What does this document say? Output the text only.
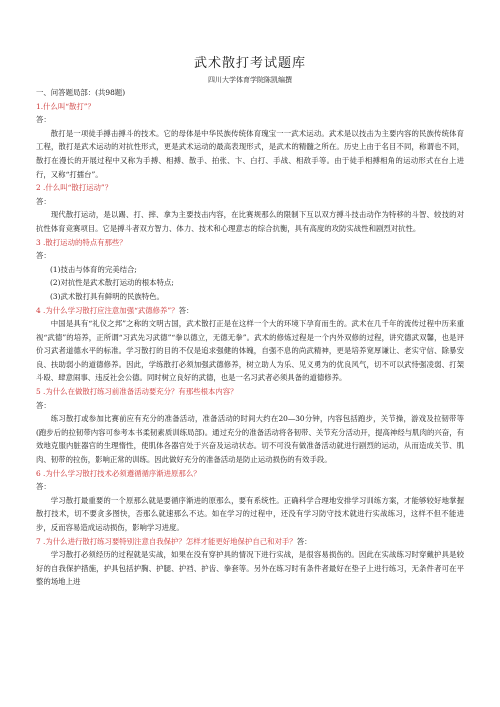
武术散打考试题库
四川大学体育学院陈凯编撰

一、问答题局部：(共98题)

1.什么叫“散打”？

答：

散打是一项徒手搏击搏斗的技术。它的母体是中华民族传统体育瑰宝一一武术运动。武术是以技击为主要内容的民族传统体育工程，散打是武术运动的对抗性形式，更是武术运动的最高表现形式，是武术的精髓之所在。历史上由于名目不同，称谓也不同，散打在漫长的开展过程中又称为手搏、相搏、散手、拍张、卞、白打、手战、相敌手等。由于徒手相搏相角的运动形式在台上进行，又称“打擂台”。

2 .什么叫“散打运动”？

答：

现代散打运动，是以踢、打、摔、拿为主要技击内容，在比赛规那么的限制下互以双方搏斗技击动作为特移的斗智、较技的对抗性体育竞赛项目。它是搏斗者双方智力、体力、技术和心理意志的综合抗衡，具有高度的攻防实战性和剧烈对抗性。

3 .散打运动的特点有那些？

答：

(1)技击与体育的完美结合;

(2)对抗性是武术散打运动的根本特点;

(3)武术散打具有鲜明的民族特色。

4 .为什么学习散打应注意加强“武德修养”？答：

中国是具有“礼仪之邦”之称的文明古国，武术散打正是在这样一个大的环境下孕育而生的。武术在几千年的流传过程中历来重视“武德”的培养，正所谓“习武先习武德”“拳以德立，无德无拳”。武术的修炼过程是一个内外双修的过程，讲究德武双馨，也是评价习武者道德水平的标准。学习散打的目的不仅是追求强健的体魄，自强不息的尚武精神，更是培养宽厚谦让、老实守信、除暴安良、扶助弱小的道德修养。因此，学练散打必须加强武德修养，树立助人为乐、见义勇为的优良风气，切不可以武恃强凌弱、打架斗殴、肆意闹事、违反社会公德。同时树立良好的武德，也是一名习武者必须具备的道德修养。

5 .为什么在做散打练习前准备活动要充分？有那些根本内容？

答：

练习散打或参加比赛前应有充分的准备活动，准备活动的时间大约在20—30分钟，内容包括跑步，关节操，游戏及拉韧带等(跑步后的拉韧带内容可参考本书柔韧素质训练局部)。通过充分的准备活动将各韧带、关节充分活动开，提高神经与肌肉的兴奋，有效地克服内脏器官的生理惰性，使肌体各器官处于兴奋及运动状态。切不可没有做准备活动就进行剧烈的运动，从而造成关节、肌肉、韧带的拉伤，影响正常的训练。因此做好充分的准备活动是防止运动损伤的有效手段。

6 .为什么学习散打技术必须遵循循序渐进原那么？

答：

学习散打最重要的一个原那么就是要循序渐进的原那么，要有系统性。正确科学合理地安排学习训练方案，才能够较好地掌握散打技术，切不要贪多图快，否那么就速那么不达。如在学习的过程中，还没有学习防守技术就进行实战练习，这样不但不能进步，反而容易造成运动损伤，影响学习进度。

7 .为什么进行散打练习要特别注意自我保护？怎样才能更好地保护自己和对手？答：

学习散打必须经历的过程就是实战，如果在没有穿护具的情况下进行实战，是很容易损伤的。因此在实战练习时穿戴护具是较好的自我保护措施，护具包括护胸、护腿、护裆、护齿、拳套等。另外在练习时有条件者最好在垫子上进行练习，无条件者可在平整的场地上进
